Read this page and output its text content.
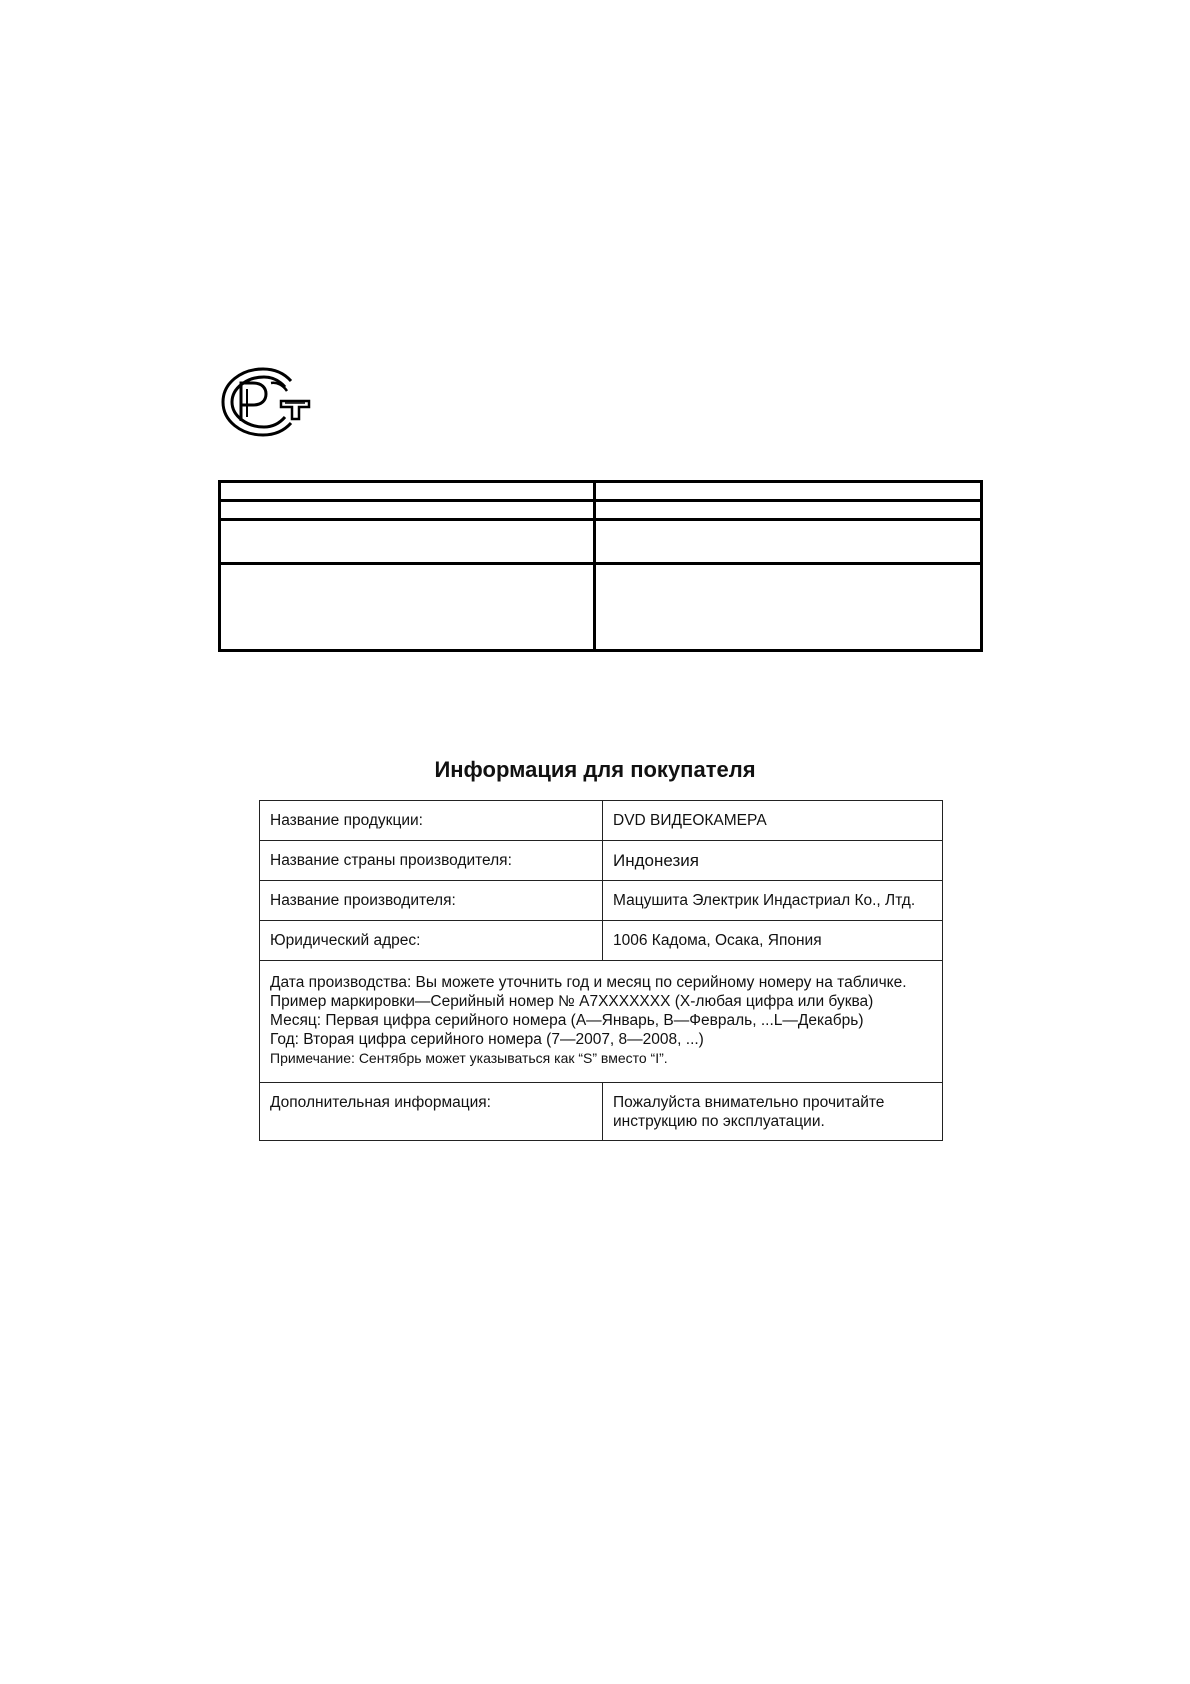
Информация для покупателя
Название продукции:	DVD ВИДЕОКАМЕРА
Название страны производителя:	Индонезия
Название производителя:	Мацушита Электрик Индастриал Ко., Лтд.
Юридический адрес:	1006 Кадома, Осака, Япония

Дата производства: Вы можете уточнить год и месяц по серийному номеру на табличке.
Пример маркировки—Серийный номер № A7XXXXXXX (X-любая цифра или буква)
Месяц: Первая цифра серийного номера (A—Январь, B—Февраль, ...L—Декабрь)
Год: Вторая цифра серийного номера (7—2007, 8—2008, ...)
Примечание: Сентябрь может указываться как “S” вместо “I”.	

Дополнительная информация:	Пожалуйста внимательно прочитайте
инструкцию по эксплуатации.
